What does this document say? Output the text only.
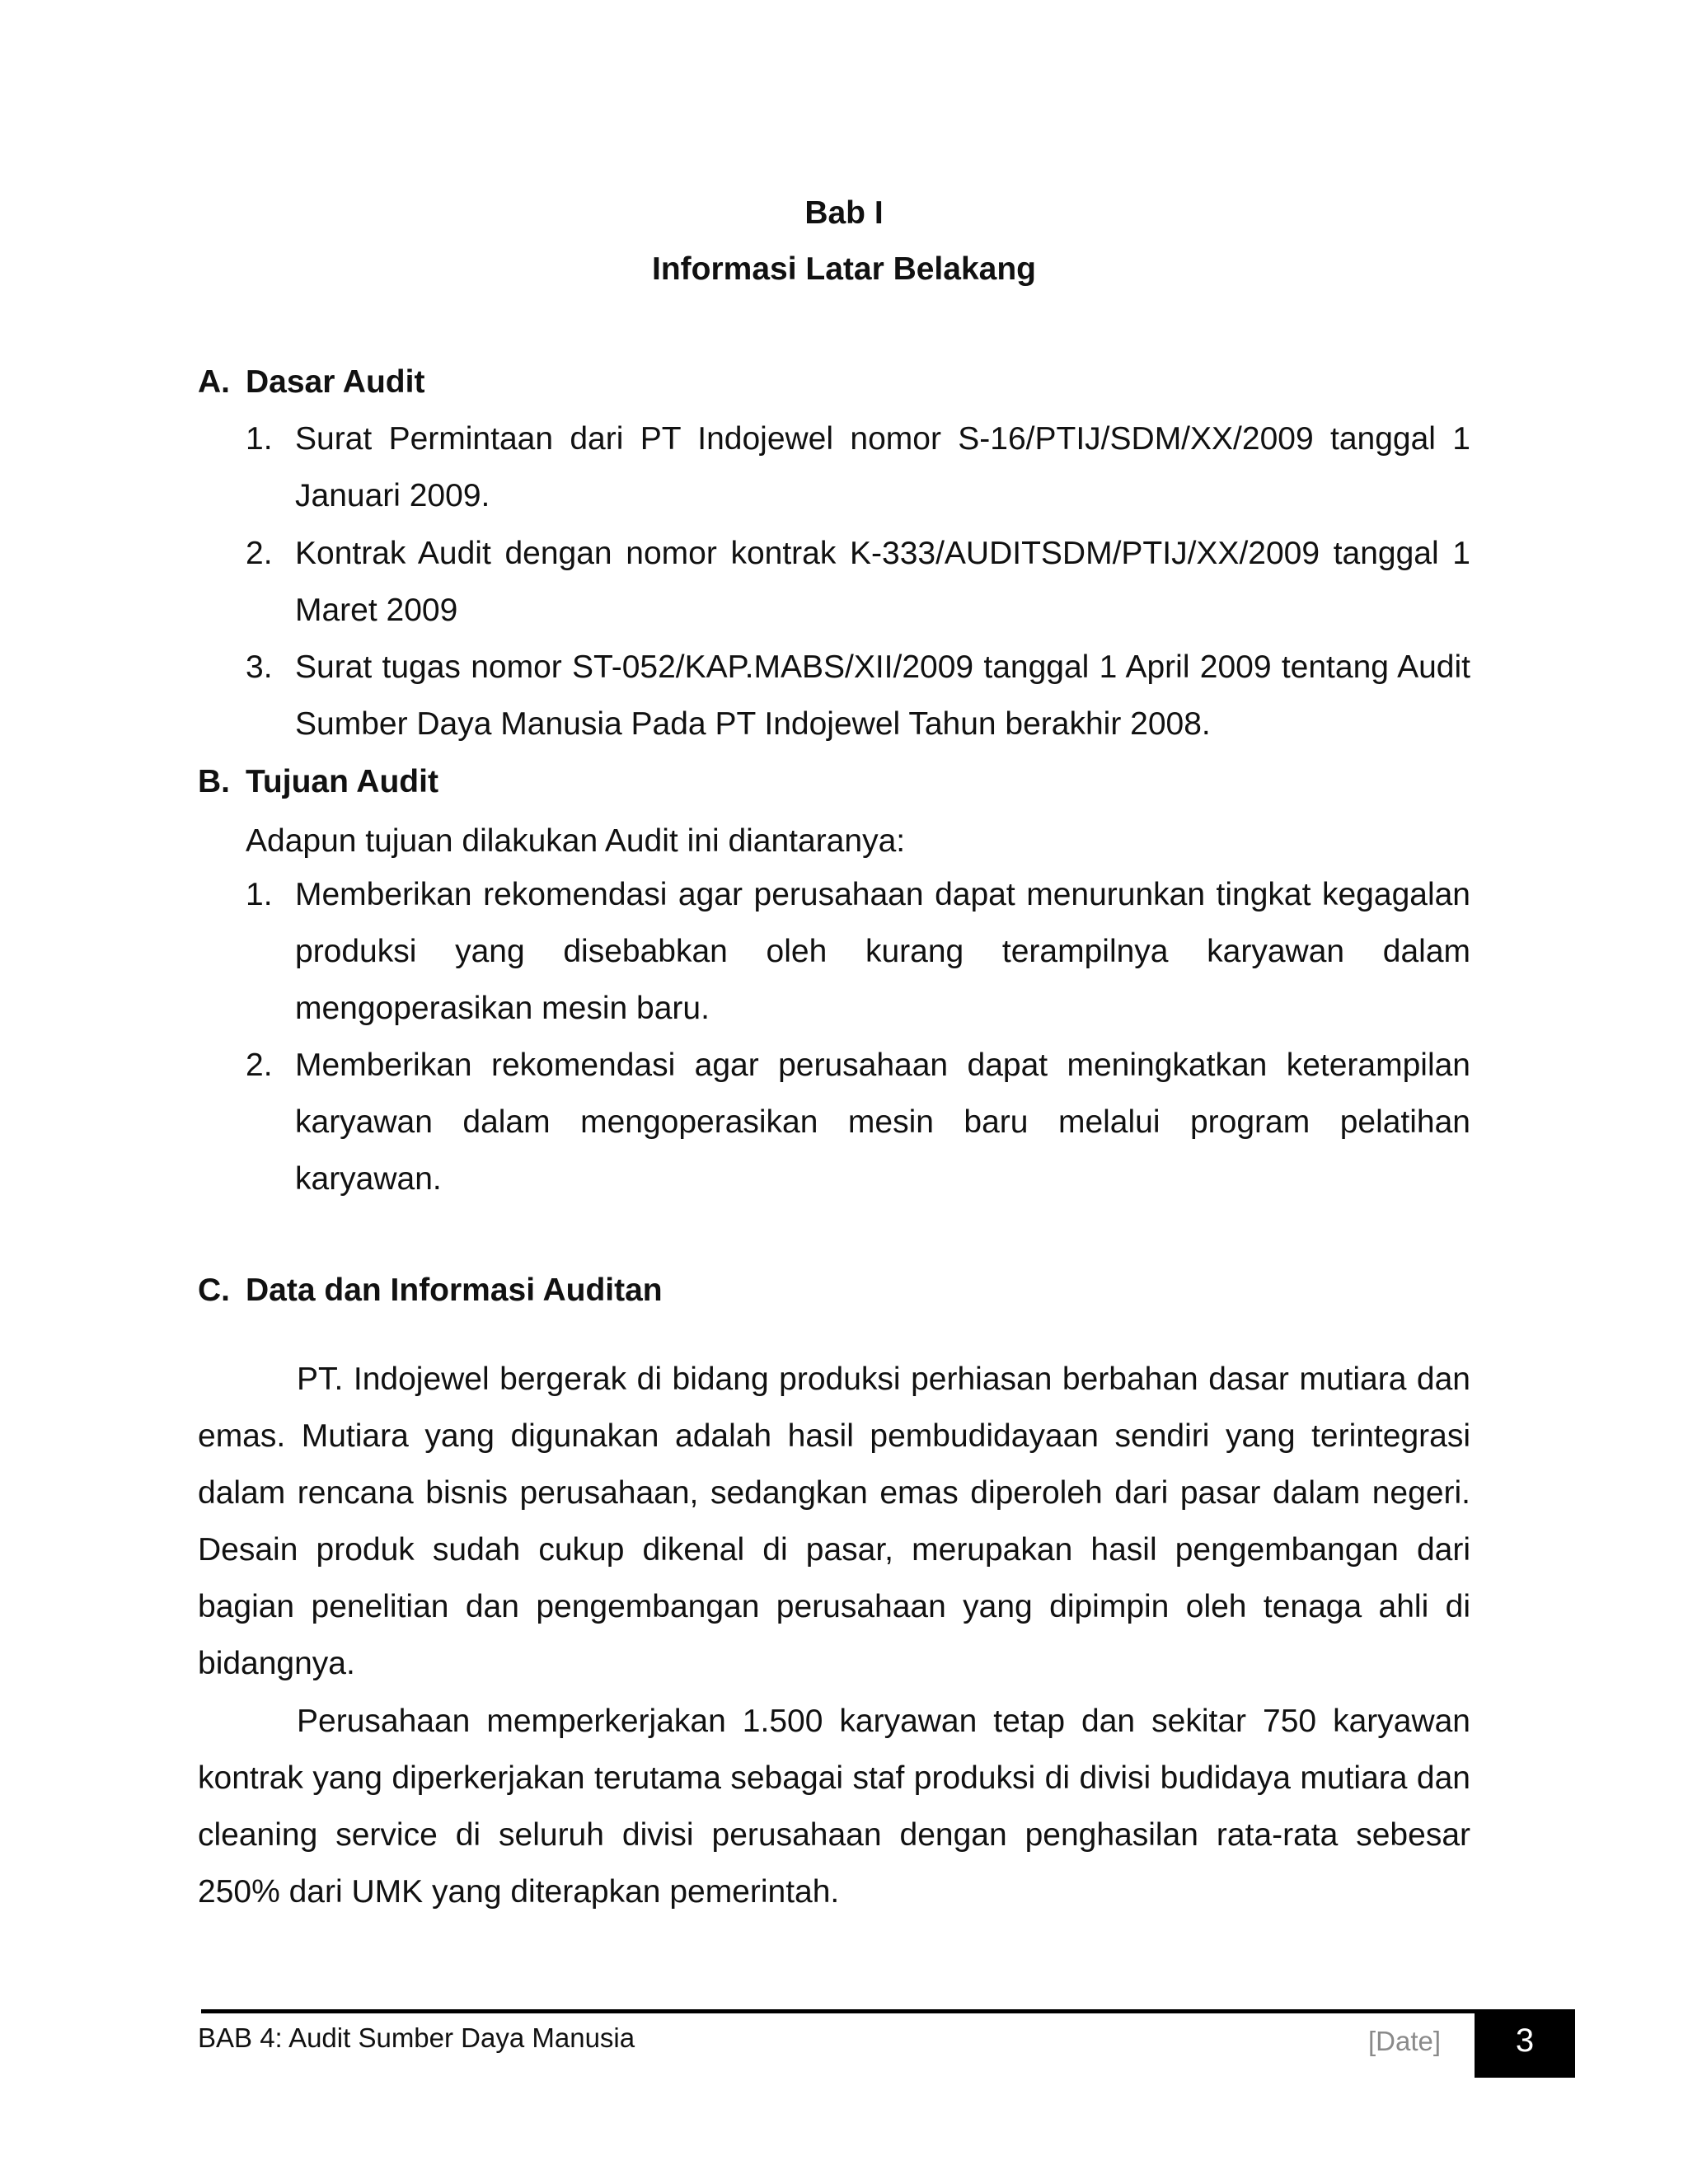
Bab I
Informasi Latar Belakang
A. Dasar Audit
1. Surat Permintaan dari PT Indojewel nomor S-16/PTIJ/SDM/XX/2009 tanggal 1 Januari 2009.
2. Kontrak Audit dengan nomor kontrak K-333/AUDITSDM/PTIJ/XX/2009 tanggal 1 Maret 2009
3. Surat tugas nomor ST-052/KAP.MABS/XII/2009 tanggal 1 April 2009 tentang Audit Sumber Daya Manusia Pada PT Indojewel Tahun berakhir 2008.
B. Tujuan Audit
Adapun tujuan dilakukan Audit ini diantaranya:
1. Memberikan rekomendasi agar perusahaan dapat menurunkan tingkat kegagalan produksi yang disebabkan oleh kurang terampilnya karyawan dalam mengoperasikan mesin baru.
2. Memberikan rekomendasi agar perusahaan dapat meningkatkan keterampilan karyawan dalam mengoperasikan mesin baru melalui program pelatihan karyawan.
C. Data dan Informasi Auditan
PT. Indojewel bergerak di bidang produksi perhiasan berbahan dasar mutiara dan emas. Mutiara yang digunakan adalah hasil pembudidayaan sendiri yang terintegrasi dalam rencana bisnis perusahaan, sedangkan emas diperoleh dari pasar dalam negeri. Desain produk sudah cukup dikenal di pasar, merupakan hasil pengembangan dari bagian penelitian dan pengembangan perusahaan yang dipimpin oleh tenaga ahli di bidangnya.
Perusahaan memperkerjakan 1.500 karyawan tetap dan sekitar 750 karyawan kontrak yang diperkerjakan terutama sebagai staf produksi di divisi budidaya mutiara dan cleaning service di seluruh divisi perusahaan dengan penghasilan rata-rata sebesar 250% dari UMK yang diterapkan pemerintah.
BAB 4: Audit Sumber Daya Manusia	[Date]	3
